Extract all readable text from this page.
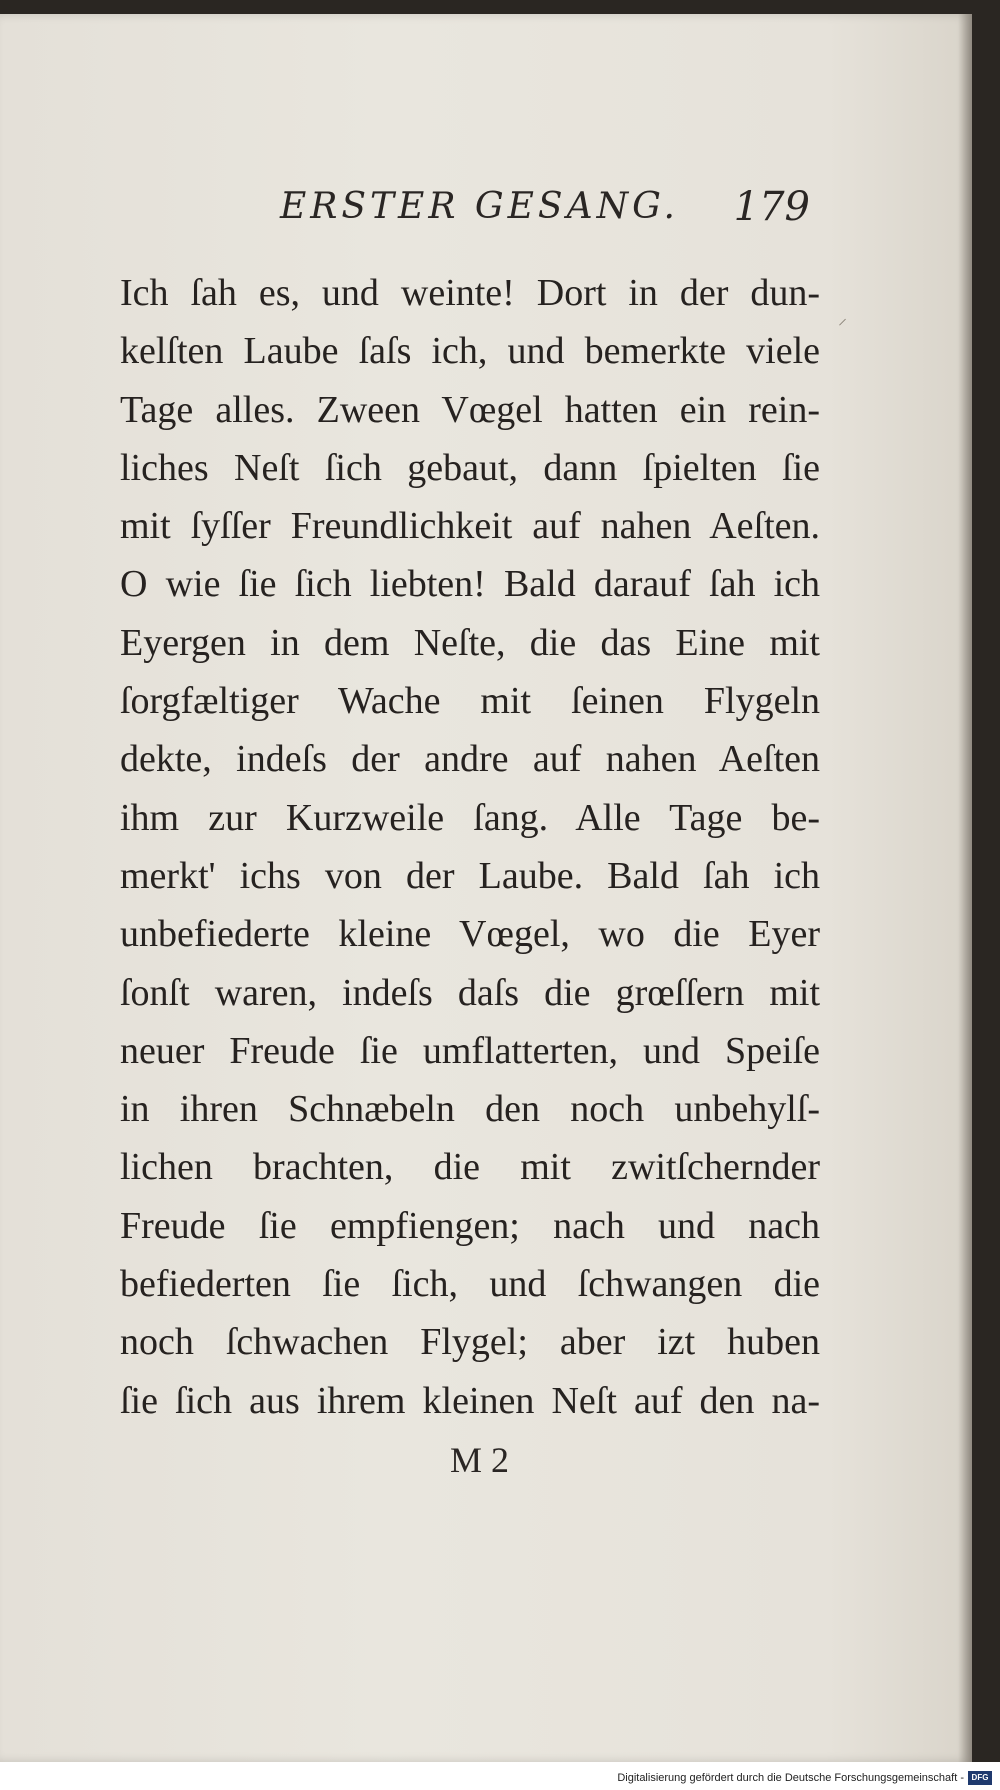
ERSTER GESANG. 179
⸝
Ich ſah es, und weinte! Dort in der dun-
kelſten Laube ſaſs ich, und bemerkte viele
Tage alles. Zween Vœgel hatten ein rein-
liches Neſt ſich gebaut, dann ſpielten ſie
mit ſyſſer Freundlichkeit auf nahen Aeſten.
O wie ſie ſich liebten! Bald darauf ſah ich
Eyergen in dem Neſte, die das Eine mit
ſorgfæltiger Wache mit ſeinen Flygeln
dekte, indeſs der andre auf nahen Aeſten
ihm zur Kurzweile ſang. Alle Tage be-
merkt' ichs von der Laube. Bald ſah ich
unbefiederte kleine Vœgel, wo die Eyer
ſonſt waren, indeſs daſs die grœſſern mit
neuer Freude ſie umflatterten, und Speiſe
in ihren Schnæbeln den noch unbehylſ-
lichen brachten, die mit zwitſchernder
Freude ſie empfiengen; nach und nach
befiederten ſie ſich, und ſchwangen die
noch ſchwachen Flygel; aber izt huben
ſie ſich aus ihrem kleinen Neſt auf den na-
M 2
Digitalisierung gefördert durch die Deutsche Forschungsgemeinschaft - DFG
